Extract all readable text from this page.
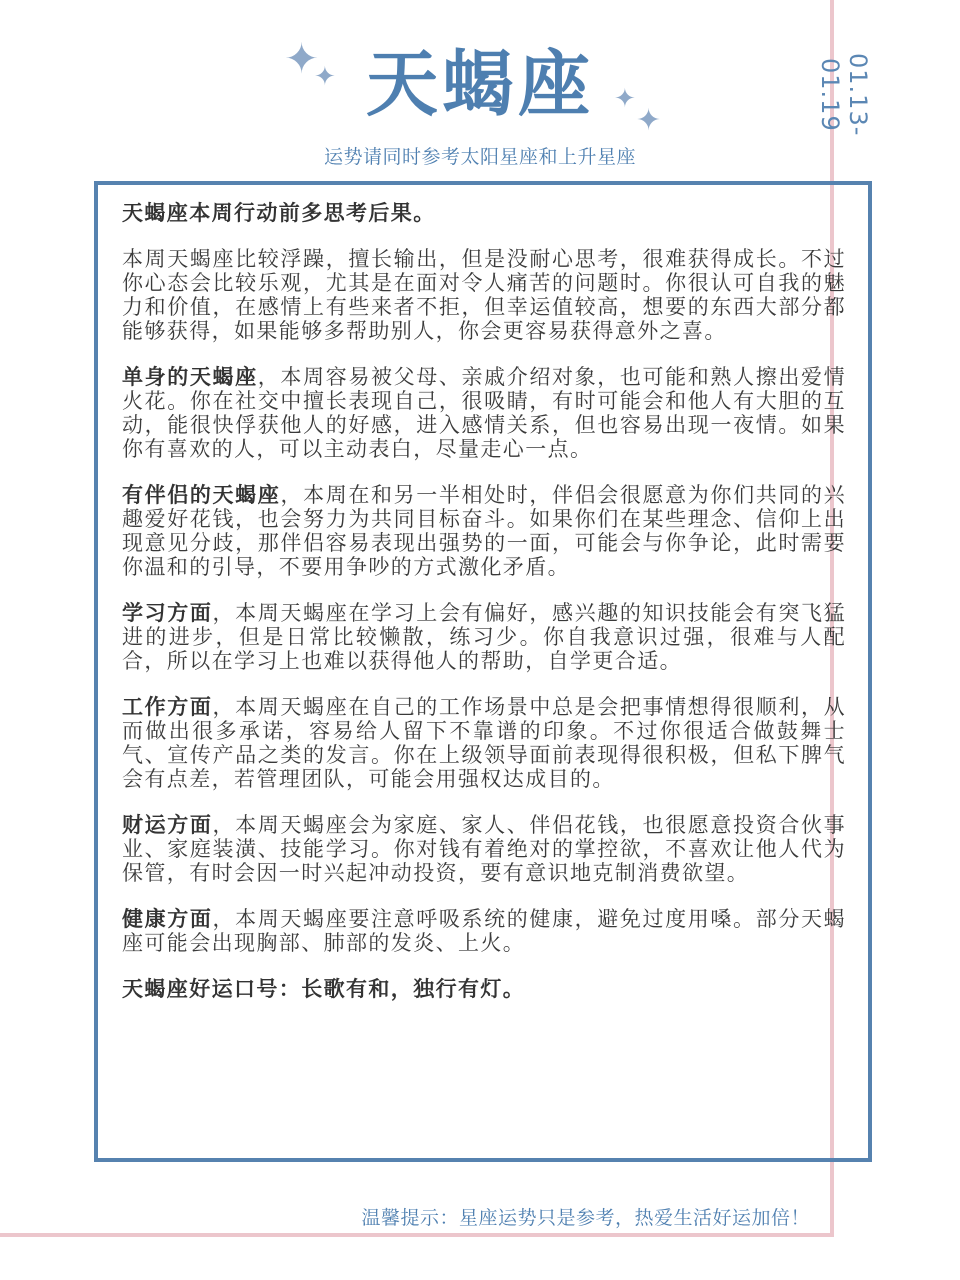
✦
✦
✦
✦
天蝎座
运势请同时参考太阳星座和上升星座
01.13-01.19

天蝎座本周行动前多思考后果。

本周天蝎座比较浮躁，擅长输出，但是没耐心思考，很难获得成长。不过你心态会比较乐观，尤其是在面对令人痛苦的问题时。你很认可自我的魅力和价值，在感情上有些来者不拒，但幸运值较高，想要的东西大部分都能够获得，如果能够多帮助别人，你会更容易获得意外之喜。

单身的天蝎座，本周容易被父母、亲戚介绍对象，也可能和熟人擦出爱情火花。你在社交中擅长表现自己，很吸睛，有时可能会和他人有大胆的互动，能很快俘获他人的好感，进入感情关系，但也容易出现一夜情。如果你有喜欢的人，可以主动表白，尽量走心一点。

有伴侣的天蝎座，本周在和另一半相处时，伴侣会很愿意为你们共同的兴趣爱好花钱，也会努力为共同目标奋斗。如果你们在某些理念、信仰上出现意见分歧，那伴侣容易表现出强势的一面，可能会与你争论，此时需要你温和的引导，不要用争吵的方式激化矛盾。

学习方面，本周天蝎座在学习上会有偏好，感兴趣的知识技能会有突飞猛进的进步，但是日常比较懒散，练习少。你自我意识过强，很难与人配合，所以在学习上也难以获得他人的帮助，自学更合适。

工作方面，本周天蝎座在自己的工作场景中总是会把事情想得很顺利，从而做出很多承诺，容易给人留下不靠谱的印象。不过你很适合做鼓舞士气、宣传产品之类的发言。你在上级领导面前表现得很积极，但私下脾气会有点差，若管理团队，可能会用强权达成目的。

财运方面，本周天蝎座会为家庭、家人、伴侣花钱，也很愿意投资合伙事业、家庭装潢、技能学习。你对钱有着绝对的掌控欲，不喜欢让他人代为保管，有时会因一时兴起冲动投资，要有意识地克制消费欲望。

健康方面，本周天蝎座要注意呼吸系统的健康，避免过度用嗓。部分天蝎座可能会出现胸部、肺部的发炎、上火。

天蝎座好运口号：长歌有和，独行有灯。

温馨提示：星座运势只是参考，热爱生活好运加倍！
